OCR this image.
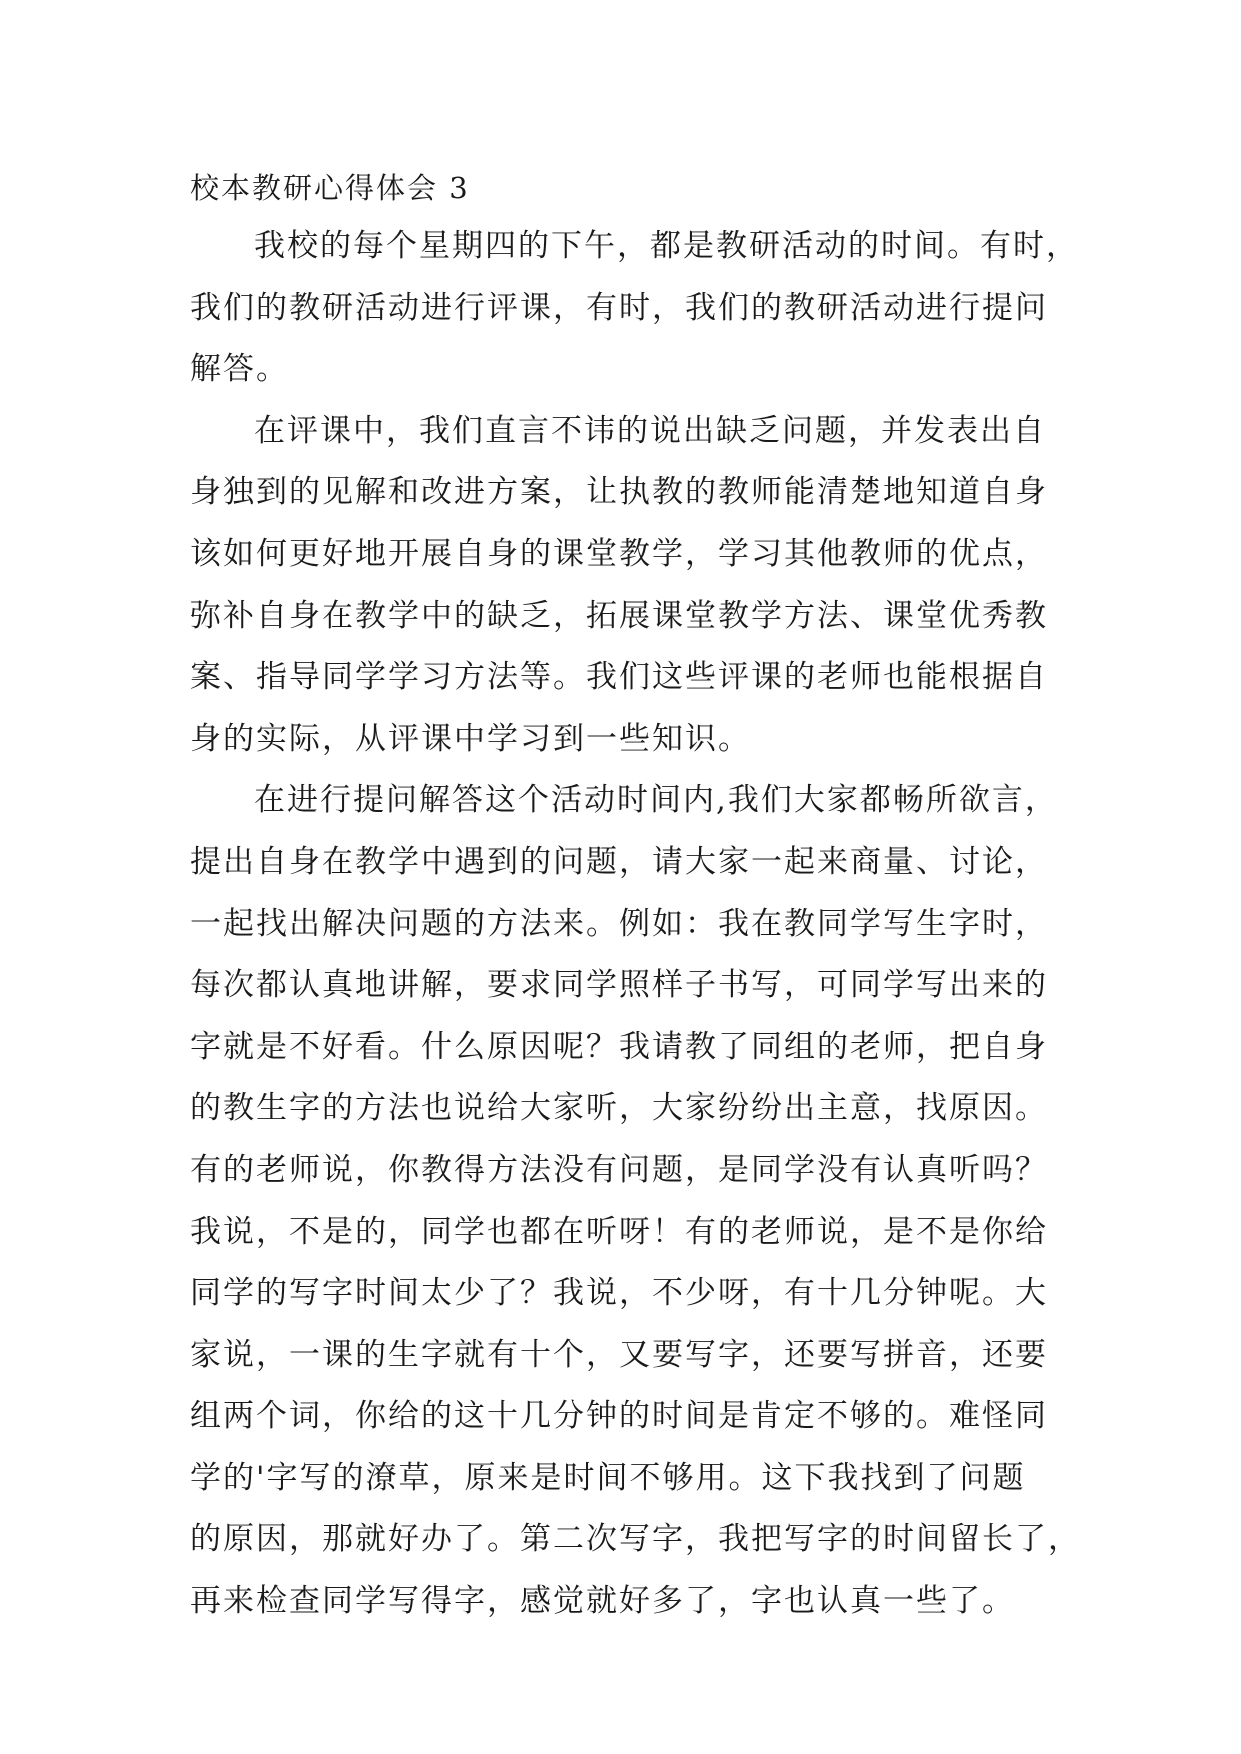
校本教研心得体会 3
我校的每个星期四的下午，都是教研活动的时间。有时，
我们的教研活动进行评课，有时，我们的教研活动进行提问
解答。
在评课中，我们直言不讳的说出缺乏问题，并发表出自
身独到的见解和改进方案，让执教的教师能清楚地知道自身
该如何更好地开展自身的课堂教学，学习其他教师的优点，
弥补自身在教学中的缺乏，拓展课堂教学方法、课堂优秀教
案、指导同学学习方法等。我们这些评课的老师也能根据自
身的实际，从评课中学习到一些知识。
在进行提问解答这个活动时间内,我们大家都畅所欲言，
提出自身在教学中遇到的问题，请大家一起来商量、讨论，
一起找出解决问题的方法来。例如：我在教同学写生字时，
每次都认真地讲解，要求同学照样子书写，可同学写出来的
字就是不好看。什么原因呢？我请教了同组的老师，把自身
的教生字的方法也说给大家听，大家纷纷出主意，找原因。
有的老师说，你教得方法没有问题，是同学没有认真听吗？
我说，不是的，同学也都在听呀！有的老师说，是不是你给
同学的写字时间太少了？我说，不少呀，有十几分钟呢。大
家说，一课的生字就有十个，又要写字，还要写拼音，还要
组两个词，你给的这十几分钟的时间是肯定不够的。难怪同
学的'字写的潦草，原来是时间不够用。这下我找到了问题
的原因，那就好办了。第二次写字，我把写字的时间留长了，
再来检查同学写得字，感觉就好多了，字也认真一些了。
